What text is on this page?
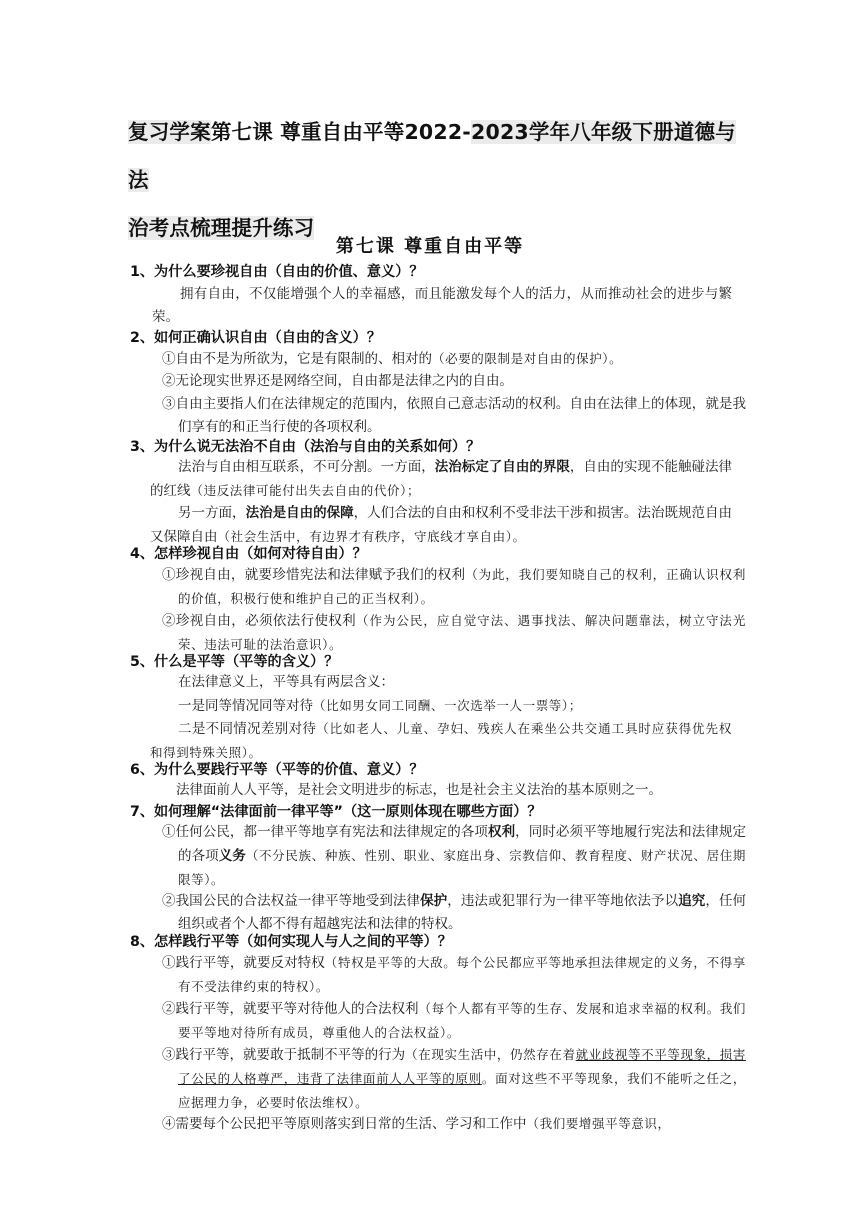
复习学案第七课 尊重自由平等2022-2023学年八年级下册道德与法
治考点梳理提升练习
第七课 尊重自由平等

1、为什么要珍视自由（自由的价值、意义）？

拥有自由，不仅能增强个人的幸福感，而且能激发每个人的活力，从而推动社会的进步与繁荣。

2、如何正确认识自由（自由的含义）？

①自由不是为所欲为，它是有限制的、相对的（必要的限制是对自由的保护）。

②无论现实世界还是网络空间，自由都是法律之内的自由。

③自由主要指人们在法律规定的范围内，依照自己意志活动的权利。自由在法律上的体现，就是我们享有的和正当行使的各项权利。

3、为什么说无法治不自由（法治与自由的关系如何）？

法治与自由相互联系，不可分割。一方面，法治标定了自由的界限，自由的实现不能触碰法律的红线（违反法律可能付出失去自由的代价）；

另一方面，法治是自由的保障，人们合法的自由和权利不受非法干涉和损害。法治既规范自由又保障自由（社会生活中，有边界才有秩序，守底线才享自由）。

4、怎样珍视自由（如何对待自由）？

①珍视自由，就要珍惜宪法和法律赋予我们的权利（为此，我们要知晓自己的权利，正确认识权利的价值，积极行使和维护自己的正当权利）。

②珍视自由，必须依法行使权利（作为公民，应自觉守法、遇事找法、解决问题靠法，树立守法光荣、违法可耻的法治意识）。

5、什么是平等（平等的含义）？

在法律意义上，平等具有两层含义：

一是同等情况同等对待（比如男女同工同酬、一次选举一人一票等）；

二是不同情况差别对待（比如老人、儿童、孕妇、残疾人在乘坐公共交通工具时应获得优先权和得到特殊关照）。

6、为什么要践行平等（平等的价值、意义）？

法律面前人人平等，是社会文明进步的标志，也是社会主义法治的基本原则之一。

7、如何理解“法律面前一律平等”（这一原则体现在哪些方面）？

①任何公民，都一律平等地享有宪法和法律规定的各项权利，同时必须平等地履行宪法和法律规定的各项义务（不分民族、种族、性别、职业、家庭出身、宗教信仰、教育程度、财产状况、居住期限等）。

②我国公民的合法权益一律平等地受到法律保护，违法或犯罪行为一律平等地依法予以追究，任何组织或者个人都不得有超越宪法和法律的特权。

8、怎样践行平等（如何实现人与人之间的平等）？

①践行平等，就要反对特权（特权是平等的大敌。每个公民都应平等地承担法律规定的义务，不得享有不受法律约束的特权）。

②践行平等，就要平等对待他人的合法权利（每个人都有平等的生存、发展和追求幸福的权利。我们要平等地对待所有成员，尊重他人的合法权益）。

③践行平等，就要敢于抵制不平等的行为（在现实生活中，仍然存在着就业歧视等不平等现象，损害了公民的人格尊严，违背了法律面前人人平等的原则。面对这些不平等现象，我们不能听之任之，应据理力争，必要时依法维权）。

④需要每个公民把平等原则落实到日常的生活、学习和工作中（我们要增强平等意识，
